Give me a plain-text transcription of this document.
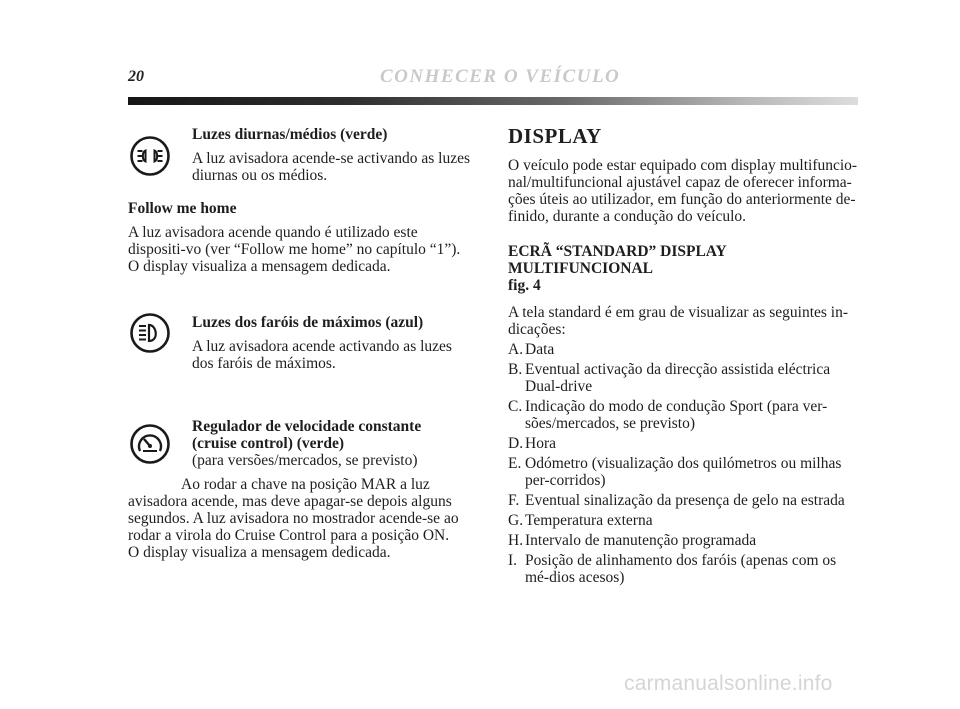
20	CONHECER O VEÍCULO

Luzes diurnas/médios (verde)

A luz avisadora acende-se activando as luzes diurnas ou os médios.

Follow me home

A luz avisadora acende quando é utilizado este dispositi-vo (ver “Follow me home” no capítulo “1”).

O display visualiza a mensagem dedicada.

Luzes dos faróis de máximos (azul)

A luz avisadora acende activando as luzes dos faróis de máximos.

Regulador de velocidade constante

(cruise control) (verde)

(para versões/mercados, se previsto)

Ao rodar a chave na posição MAR a luz avisadora acende, mas deve apagar-se depois alguns segundos. A luz avisadora no mostrador acende-se ao rodar a virola do Cruise Control para a posição ON.

O display visualiza a mensagem dedicada.

DISPLAY

O veículo pode estar equipado com display multifuncio-nal/multifuncional ajustável capaz de oferecer informa-ções úteis ao utilizador, em função do anteriormente de-finido, durante a condução do veículo.

ECRÃ “STANDARD” DISPLAY MULTIFUNCIONAL

fig. 4

A tela standard é em grau de visualizar as seguintes in-dicações:

A. Data
B. Eventual activação da direcção assistida eléctrica Dual-drive
C. Indicação do modo de condução Sport (para ver-sões/mercados, se previsto)
D. Hora
E. Odómetro (visualização dos quilómetros ou milhas per-corridos)
F. Eventual sinalização da presença de gelo na estrada
G. Temperatura externa
H. Intervalo de manutenção programada
I. Posição de alinhamento dos faróis (apenas com os mé-dios acesos)
carmanualsonline.info
